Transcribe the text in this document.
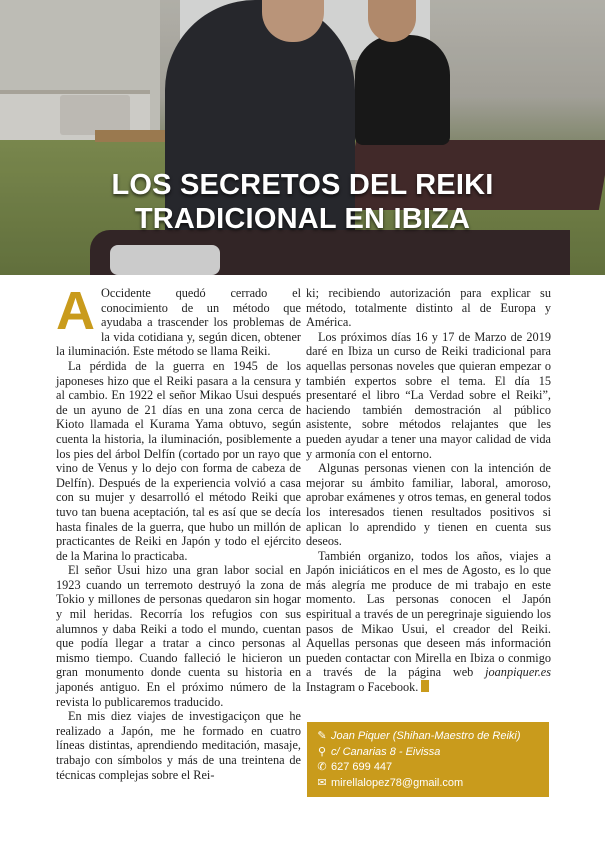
LOS SECRETOS DEL REIKI
TRADICIONAL EN IBIZA

A Occidente quedó cerrado el conocimiento de un método que ayudaba a trascender los problemas de la vida cotidiana y, según dicen, obtener la iluminación. Este método se llama Reiki.

La pérdida de la guerra en 1945 de los japoneses hizo que el Reiki pasara a la censura y al cambio. En 1922 el señor Mikao Usui después de un ayuno de 21 días en una zona cerca de Kioto llamada el Kurama Yama obtuvo, según cuenta la historia, la iluminación, posiblemente a los pies del árbol Delfín (cortado por un rayo que vino de Venus y lo dejo con forma de cabeza de Delfín). Después de la experiencia volvió a casa con su mujer y desarrolló el método Reiki que tuvo tan buena aceptación, tal es así que se decía hasta finales de la guerra, que hubo un millón de practicantes de Reiki en Japón y todo el ejército de la Marina lo practicaba.

El señor Usui hizo una gran labor social en 1923 cuando un terremoto destruyó la zona de Tokio y millones de personas quedaron sin hogar y mil heridas. Recorría los refugios con sus alumnos y daba Reiki a todo el mundo, cuentan que podía llegar a tratar a cinco personas al mismo tiempo. Cuando falleció le hicieron un gran monumento donde cuenta su historia en japonés antiguo. En el próximo número de la revista lo publicaremos traducido.

En mis diez viajes de investigaciçon que he realizado a Japón, me he formado en cuatro líneas distintas, aprendiendo meditación, masaje, trabajo con símbolos y más de una treintena de técnicas complejas sobre el Rei-

ki; recibiendo autorización para explicar su método, totalmente distinto al de Europa y América.

Los próximos días 16 y 17 de Marzo de 2019 daré en Ibiza un curso de Reiki tradicional para aquellas personas noveles que quieran empezar o también expertos sobre el tema. El día 15 presentaré el libro “La Verdad sobre el Reiki”, haciendo también demostración al público asistente, sobre métodos relajantes que les pueden ayudar a tener una mayor calidad de vida y armonía con el entorno.

Algunas personas vienen con la intención de mejorar su ámbito familiar, laboral, amoroso, aprobar exámenes y otros temas, en general todos los interesados tienen resultados positivos si aplican lo aprendido y tienen en cuenta sus deseos.

También organizo, todos los años, viajes a Japón iniciáticos en el mes de Agosto, es lo que más alegría me produce de mi trabajo en este momento. Las personas conocen el Japón espiritual a través de un peregrinaje siguiendo los pasos de Mikao Usui, el creador del Reiki. Aquellas personas que deseen más información pueden contactar con Mirella en Ibiza o conmigo a través de la página web joanpiquer.es Instagram o Facebook.

✎ Joan Piquer (Shihan-Maestro de Reiki)
⚲ c/ Canarias 8 - Eivissa
✆ 627 699 447
✉ mirellalopez78@gmail.com
